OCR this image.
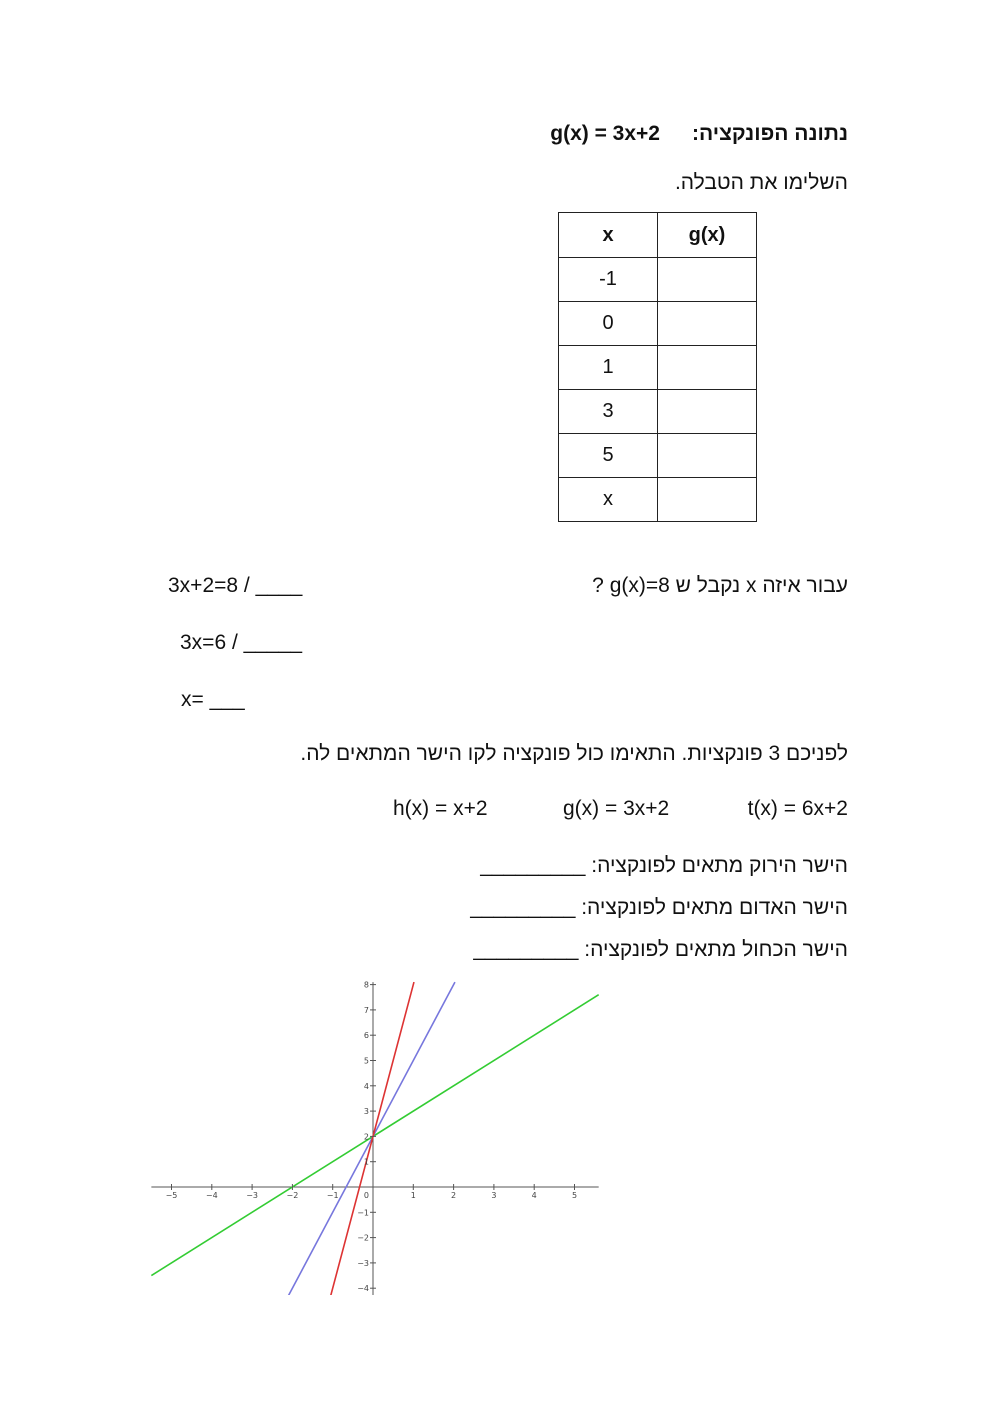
נתונה הפונקציה:g(x) = 3x+2
השלימו את הטבלה.
x	g(x)
-1	
0	
1	
3	
5	
x	
עבור איזה x נקבל ש g(x)=8 ?
3x+2=8 / ____
3x=6 / _____
x= ___
לפניכם 3 פונקציות. התאימו כול פונקציה לקו הישר המתאים לה.
t(x) = 6x+2
g(x) = 3x+2
h(x) = x+2
הישר הירוק מתאים לפונקציה: _________
הישר האדום מתאים לפונקציה: _________
הישר הכחול מתאים לפונקציה: _________
−5	−4	−3	−2	−1	1	2	3	4	5
−4
−3
−2
−1
1
2
3
4
5
6
7
8
0
